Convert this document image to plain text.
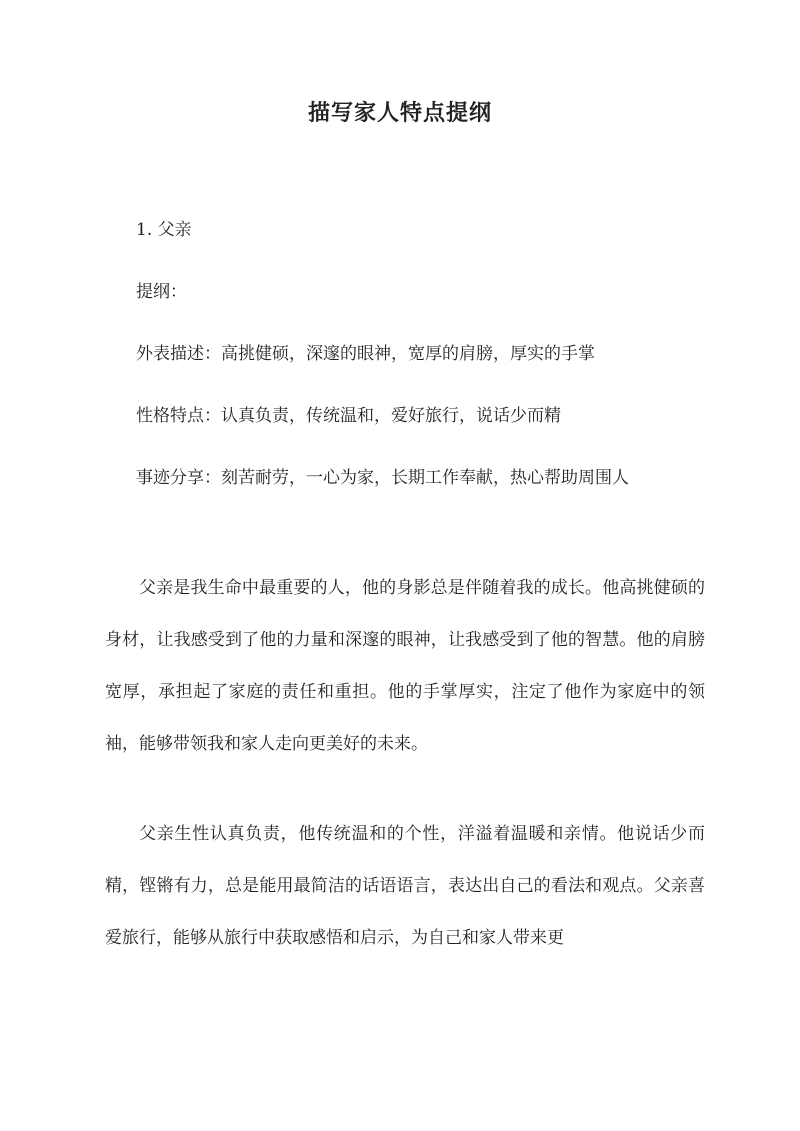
描写家人特点提纲
1. 父亲
提纲：
外表描述：高挑健硕，深邃的眼神，宽厚的肩膀，厚实的手掌
性格特点：认真负责，传统温和，爱好旅行，说话少而精
事迹分享：刻苦耐劳，一心为家，长期工作奉献，热心帮助周围人

父亲是我生命中最重要的人，他的身影总是伴随着我的成长。他高挑健硕的身材，让我感受到了他的力量和深邃的眼神，让我感受到了他的智慧。他的肩膀宽厚，承担起了家庭的责任和重担。他的手掌厚实，注定了他作为家庭中的领袖，能够带领我和家人走向更美好的未来。

父亲生性认真负责，他传统温和的个性，洋溢着温暖和亲情。他说话少而精，铿锵有力，总是能用最简洁的话语语言，表达出自己的看法和观点。父亲喜爱旅行，能够从旅行中获取感悟和启示，为自己和家人带来更
